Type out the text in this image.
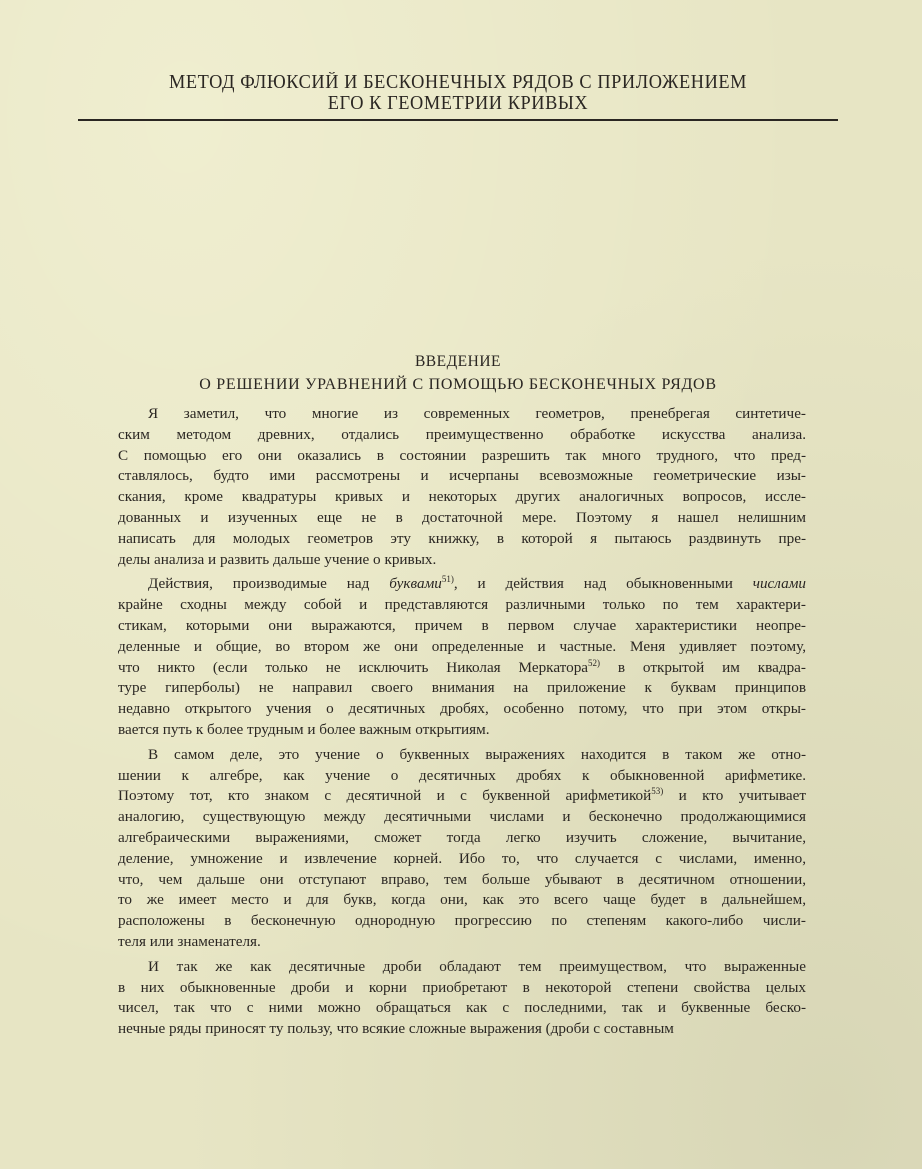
МЕТОД ФЛЮКСИЙ И БЕСКОНЕЧНЫХ РЯДОВ С ПРИЛОЖЕНИЕМ
ЕГО К ГЕОМЕТРИИ КРИВЫХ
ВВЕДЕНИЕ
О РЕШЕНИИ УРАВНЕНИЙ С ПОМОЩЬЮ БЕСКОНЕЧНЫХ РЯДОВ
Я заметил, что многие из современных геометров, пренебрегая синтетиче-
ским методом древних, отдались преимущественно обработке искусства анализа.
С помощью его они оказались в состоянии разрешить так много трудного, что пред-
ставлялось, будто ими рассмотрены и исчерпаны всевозможные геометрические изы-
скания, кроме квадратуры кривых и некоторых других аналогичных вопросов, иссле-
дованных и изученных еще не в достаточной мере. Поэтому я нашел нелишним
написать для молодых геометров эту книжку, в которой я пытаюсь раздвинуть пре-
делы анализа и развить дальше учение о кривых.
Действия, производимые над буквами$^{51)}$, и действия над обыкновенными числами
крайне сходны между собой и представляются различными только по тем характери-
стикам, которыми они выражаются, причем в первом случае характеристики неопре-
деленные и общие, во втором же они определенные и частные. Меня удивляет поэтому,
что никто (если только не исключить Николая Меркатора$^{52)}$ в открытой им квадра-
туре гиперболы) не направил своего внимания на приложение к буквам принципов
недавно открытого учения о десятичных дробях, особенно потому, что при этом откры-
вается путь к более трудным и более важным открытиям.
В самом деле, это учение о буквенных выражениях находится в таком же отно-
шении к алгебре, как учение о десятичных дробях к обыкновенной арифметике.
Поэтому тот, кто знаком с десятичной и с буквенной арифметикой$^{53)}$ и кто учитывает
аналогию, существующую между десятичными числами и бесконечно продолжающимися
алгебраическими выражениями, сможет тогда легко изучить сложение, вычитание,
деление, умножение и извлечение корней. Ибо то, что случается с числами, именно,
что, чем дальше они отступают вправо, тем больше убывают в десятичном отношении,
то же имеет место и для букв, когда они, как это всего чаще будет в дальнейшем,
расположены в бесконечную однородную прогрессию по степеням какого-либо числи-
теля или знаменателя.
И так же как десятичные дроби обладают тем преимуществом, что выраженные
в них обыкновенные дроби и корни приобретают в некоторой степени свойства целых
чисел, так что с ними можно обращаться как с последними, так и буквенные беско-
нечные ряды приносят ту пользу, что всякие сложные выражения (дроби с составным
